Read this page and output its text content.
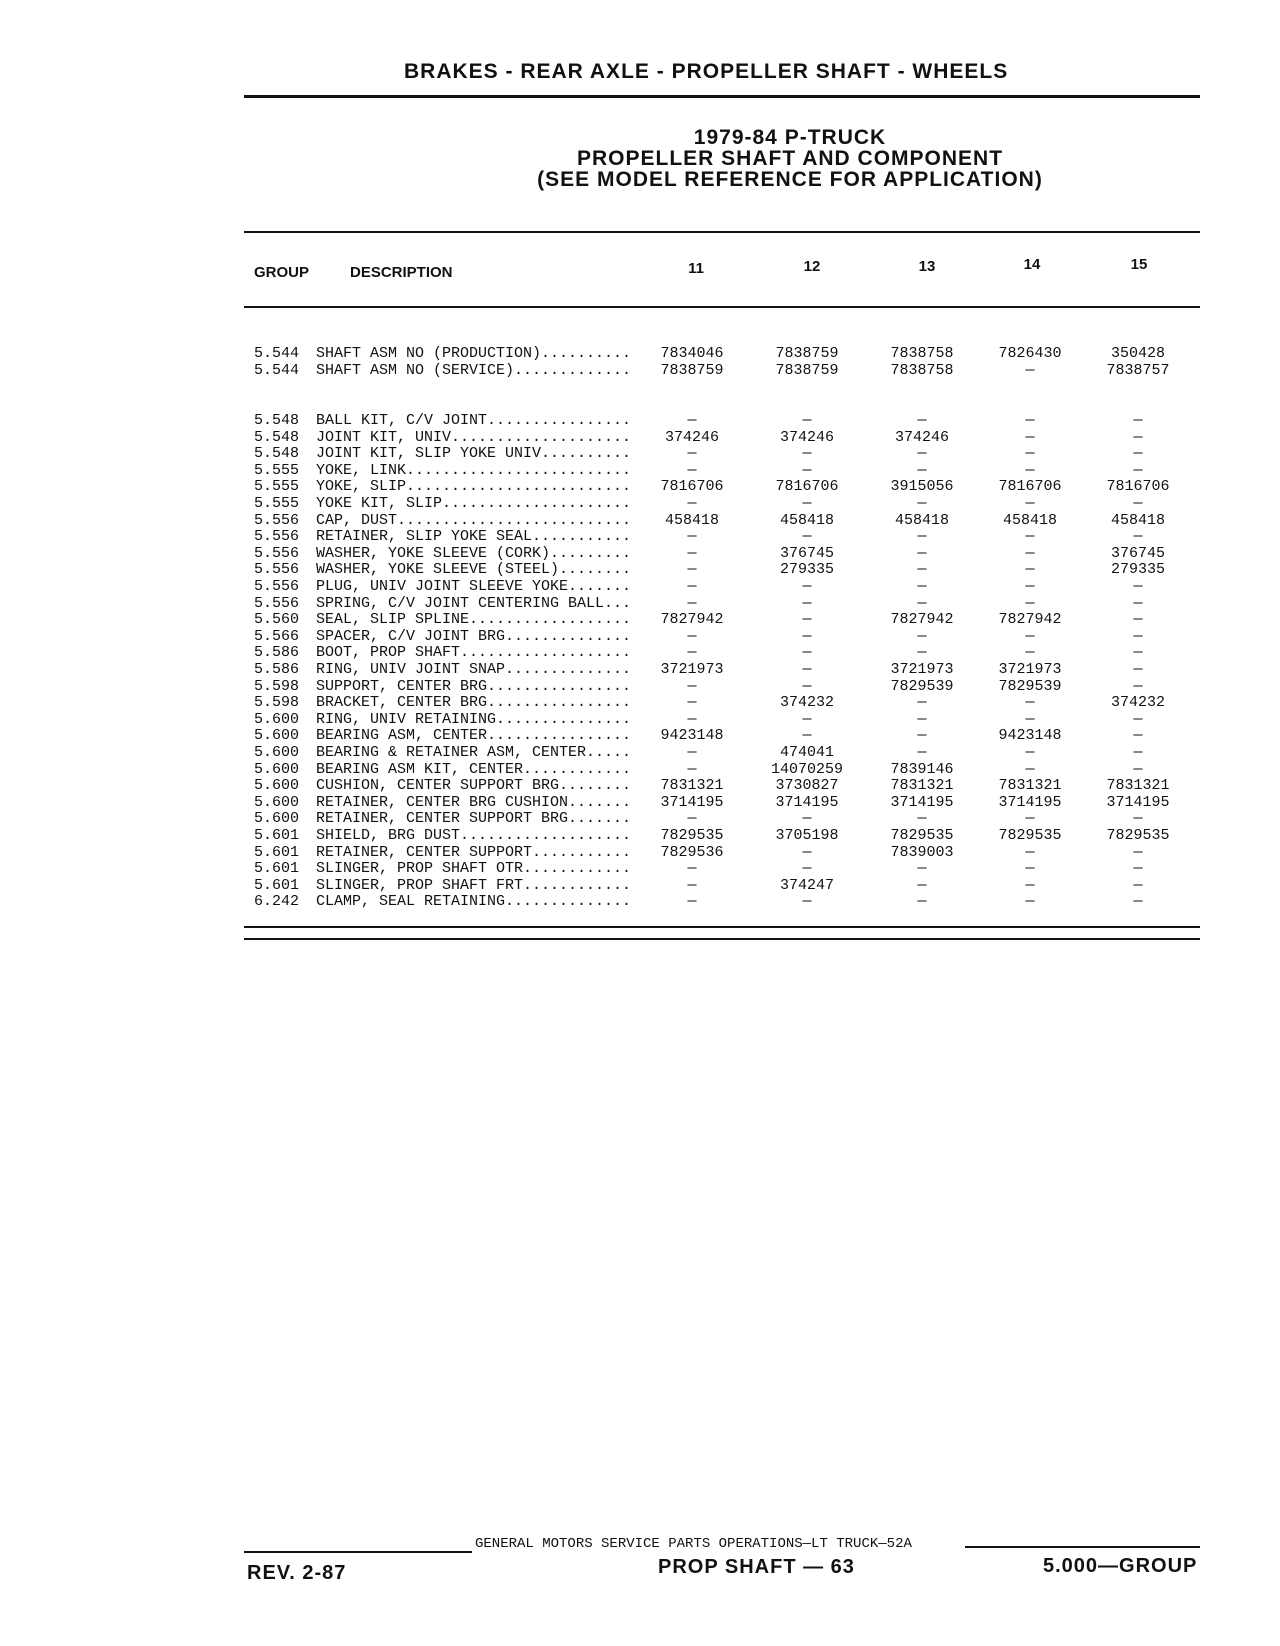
BRAKES - REAR AXLE - PROPELLER SHAFT - WHEELS
1979-84 P-TRUCK
PROPELLER SHAFT AND COMPONENT
(SEE MODEL REFERENCE FOR APPLICATION)
GROUP	DESCRIPTION	11	12	13	14	15
5.544	SHAFT ASM NO (PRODUCTION)..........	7834046	7838759	7838758	7826430	350428
5.544	SHAFT ASM NO (SERVICE).............	7838759	7838759	7838758	—	7838757
5.548	BALL KIT, C/V JOINT................	—	—	—	—	—
5.548	JOINT KIT, UNIV....................	374246	374246	374246	—	—
5.548	JOINT KIT, SLIP YOKE UNIV..........	—	—	—	—	—
5.555	YOKE, LINK.........................	—	—	—	—	—
5.555	YOKE, SLIP.........................	7816706	7816706	3915056	7816706	7816706
5.555	YOKE KIT, SLIP.....................	—	—	—	—	—
5.556	CAP, DUST..........................	458418	458418	458418	458418	458418
5.556	RETAINER, SLIP YOKE SEAL...........	—	—	—	—	—
5.556	WASHER, YOKE SLEEVE (CORK).........	—	376745	—	—	376745
5.556	WASHER, YOKE SLEEVE (STEEL)........	—	279335	—	—	279335
5.556	PLUG, UNIV JOINT SLEEVE YOKE.......	—	—	—	—	—
5.556	SPRING, C/V JOINT CENTERING BALL...	—	—	—	—	—
5.560	SEAL, SLIP SPLINE..................	7827942	—	7827942	7827942	—
5.566	SPACER, C/V JOINT BRG..............	—	—	—	—	—
5.586	BOOT, PROP SHAFT...................	—	—	—	—	—
5.586	RING, UNIV JOINT SNAP..............	3721973	—	3721973	3721973	—
5.598	SUPPORT, CENTER BRG................	—	—	7829539	7829539	—
5.598	BRACKET, CENTER BRG................	—	374232	—	—	374232
5.600	RING, UNIV RETAINING...............	—	—	—	—	—
5.600	BEARING ASM, CENTER................	9423148	—	—	9423148	—
5.600	BEARING & RETAINER ASM, CENTER.....	—	474041	—	—	—
5.600	BEARING ASM KIT, CENTER............	—	14070259	7839146	—	—
5.600	CUSHION, CENTER SUPPORT BRG........	7831321	3730827	7831321	7831321	7831321
5.600	RETAINER, CENTER BRG CUSHION.......	3714195	3714195	3714195	3714195	3714195
5.600	RETAINER, CENTER SUPPORT BRG.......	—	—	—	—	—
5.601	SHIELD, BRG DUST...................	7829535	3705198	7829535	7829535	7829535
5.601	RETAINER, CENTER SUPPORT...........	7829536	—	7839003	—	—
5.601	SLINGER, PROP SHAFT OTR............	—	—	—	—	—
5.601	SLINGER, PROP SHAFT FRT............	—	374247	—	—	—
6.242	CLAMP, SEAL RETAINING..............	—	—	—	—	—
GENERAL MOTORS SERVICE PARTS OPERATIONS—LT TRUCK—52A
REV. 2-87	PROP SHAFT — 63	5.000—GROUP
